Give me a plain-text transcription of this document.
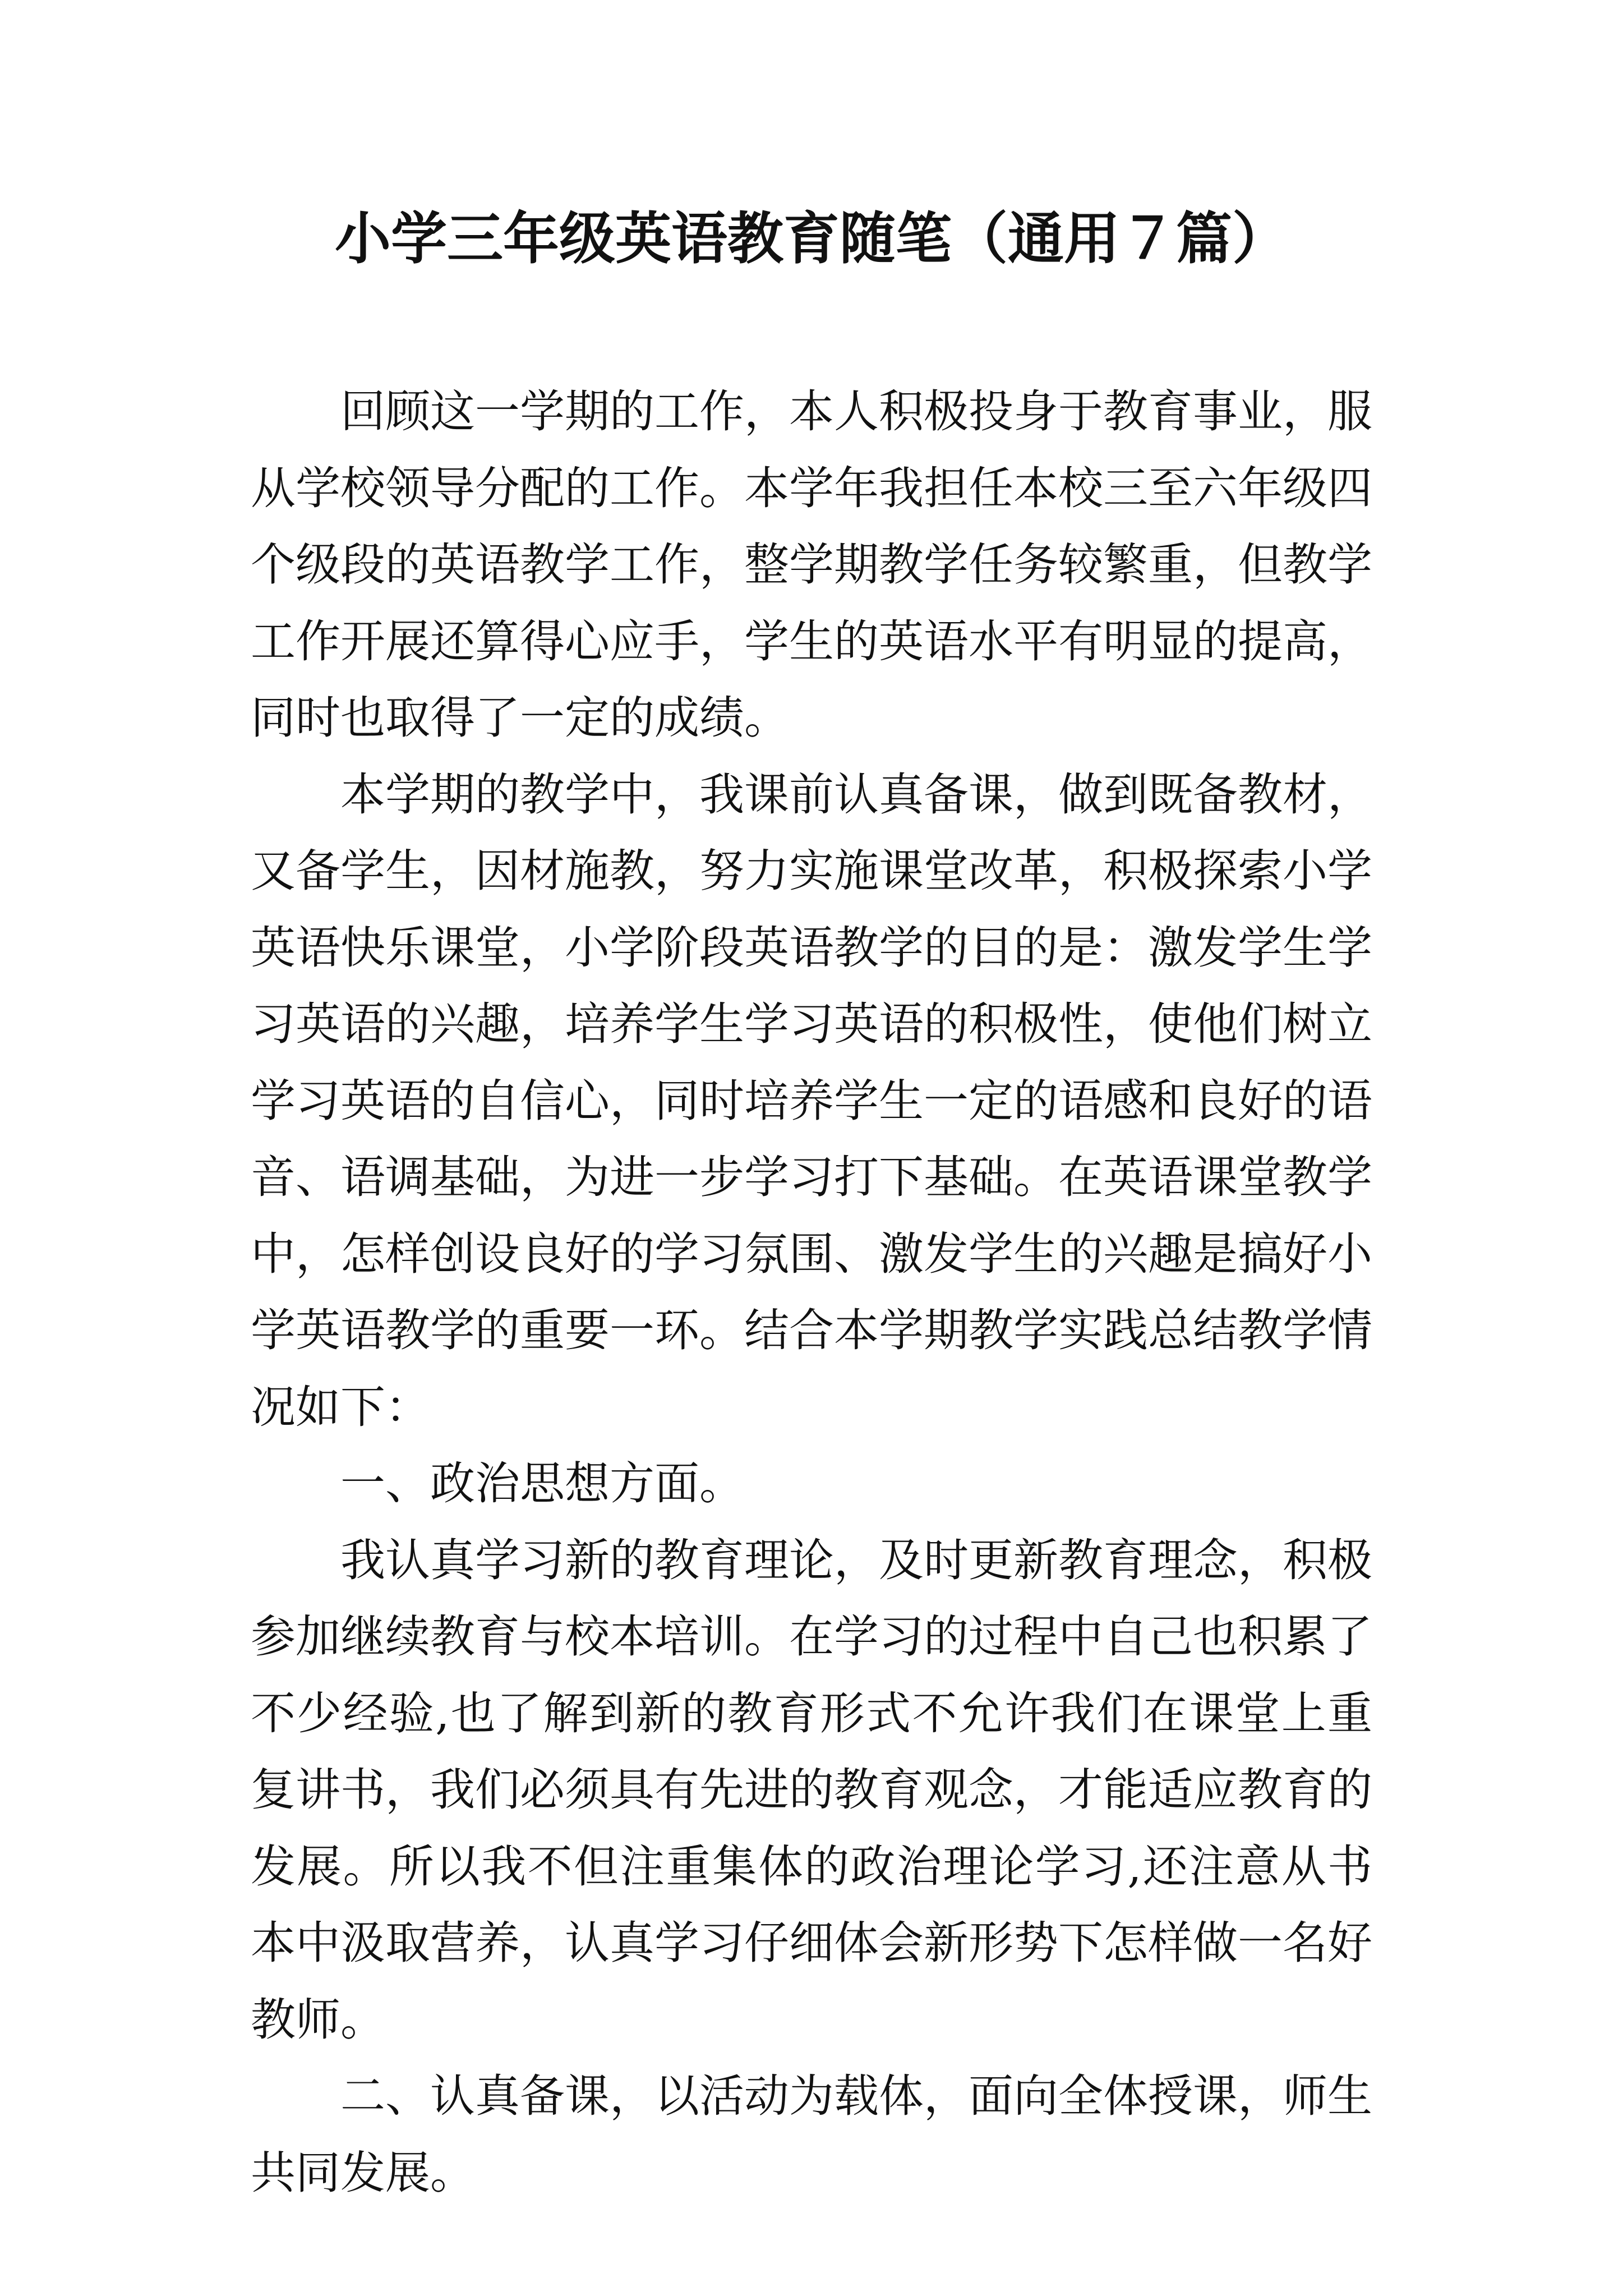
小学三年级英语教育随笔（通用７篇）

回顾这一学期的工作，本人积极投身于教育事业，服从学校领导分配的工作。本学年我担任本校三至六年级四个级段的英语教学工作，整学期教学任务较繁重，但教学工作开展还算得心应手，学生的英语水平有明显的提高，同时也取得了一定的成绩。

本学期的教学中，我课前认真备课，做到既备教材，又备学生，因材施教，努力实施课堂改革，积极探索小学英语快乐课堂，小学阶段英语教学的目的是：激发学生学习英语的兴趣，培养学生学习英语的积极性，使他们树立学习英语的自信心，同时培养学生一定的语感和良好的语音、语调基础，为进一步学习打下基础。在英语课堂教学中，怎样创设良好的学习氛围、激发学生的兴趣是搞好小学英语教学的重要一环。结合本学期教学实践总结教学情况如下：

一、政治思想方面。

我认真学习新的教育理论，及时更新教育理念，积极参加继续教育与校本培训。在学习的过程中自己也积累了不少经验,也了解到新的教育形式不允许我们在课堂上重复讲书，我们必须具有先进的教育观念，才能适应教育的发展。所以我不但注重集体的政治理论学习,还注意从书本中汲取营养，认真学习仔细体会新形势下怎样做一名好教师。

二、认真备课，以活动为载体，面向全体授课，师生共同发展。
